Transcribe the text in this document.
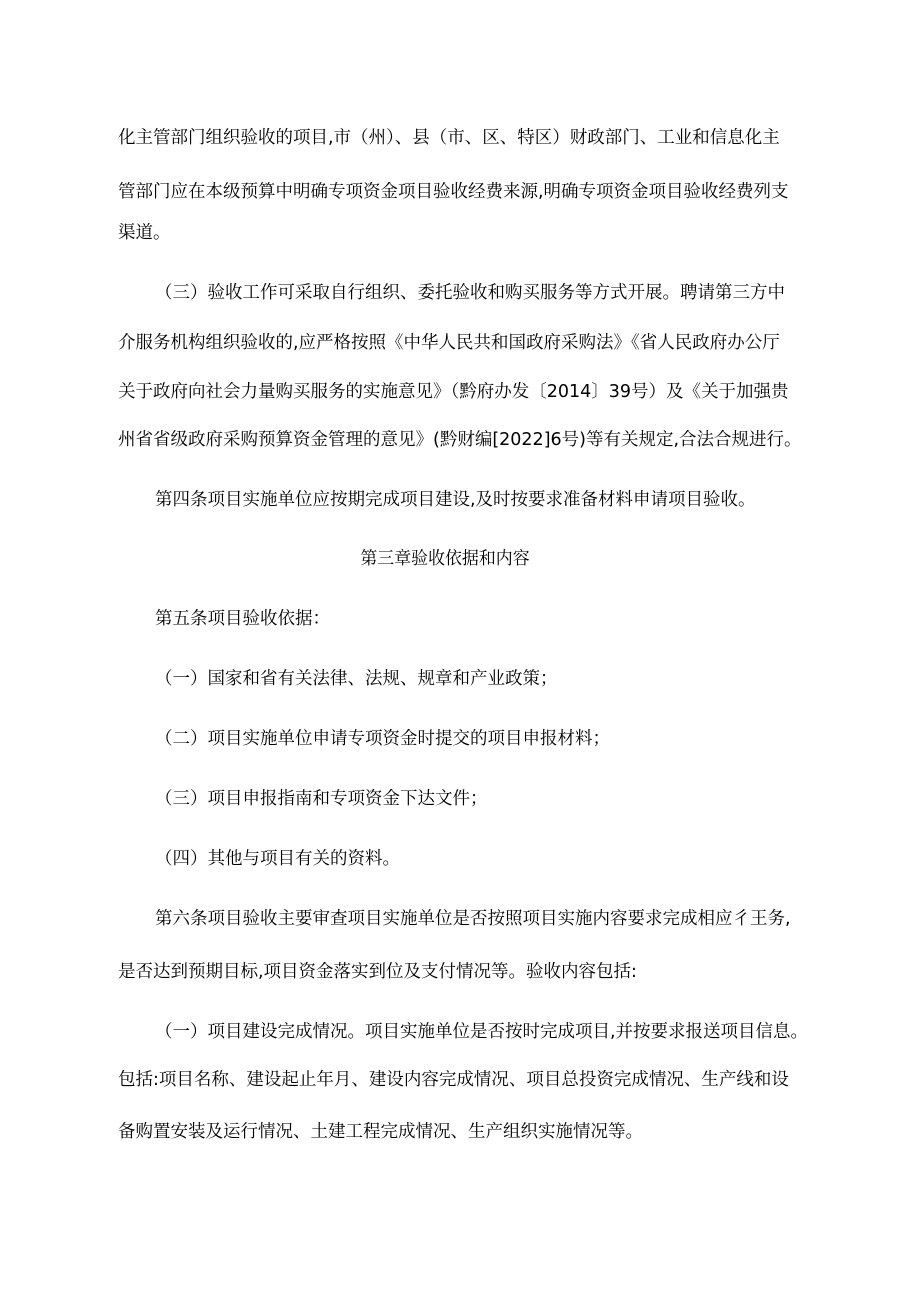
化主管部门组织验收的项目,市（州）、县（市、区、特区）财政部门、工业和信息化主
管部门应在本级预算中明确专项资金项目验收经费来源,明确专项资金项目验收经费列支
渠道。
（三）验收工作可采取自行组织、委托验收和购买服务等方式开展。聘请第三方中
介服务机构组织验收的,应严格按照《中华人民共和国政府采购法》《省人民政府办公厅
关于政府向社会力量购买服务的实施意见》（黔府办发〔2014〕39号）及《关于加强贵
州省省级政府采购预算资金管理的意见》(黔财编[2022]6号)等有关规定,合法合规进行。
第四条项目实施单位应按期完成项目建设,及时按要求准备材料申请项目验收。
第三章验收依据和内容
第五条项目验收依据：
（一）国家和省有关法律、法规、规章和产业政策；
（二）项目实施单位申请专项资金时提交的项目申报材料；
（三）项目申报指南和专项资金下达文件；
（四）其他与项目有关的资料。
第六条项目验收主要审查项目实施单位是否按照项目实施内容要求完成相应彳王务,
是否达到预期目标,项目资金落实到位及支付情况等。验收内容包括:
（一）项目建设完成情况。项目实施单位是否按时完成项目,并按要求报送项目信息。
包括:项目名称、建设起止年月、建设内容完成情况、项目总投资完成情况、生产线和设
备购置安装及运行情况、土建工程完成情况、生产组织实施情况等。
